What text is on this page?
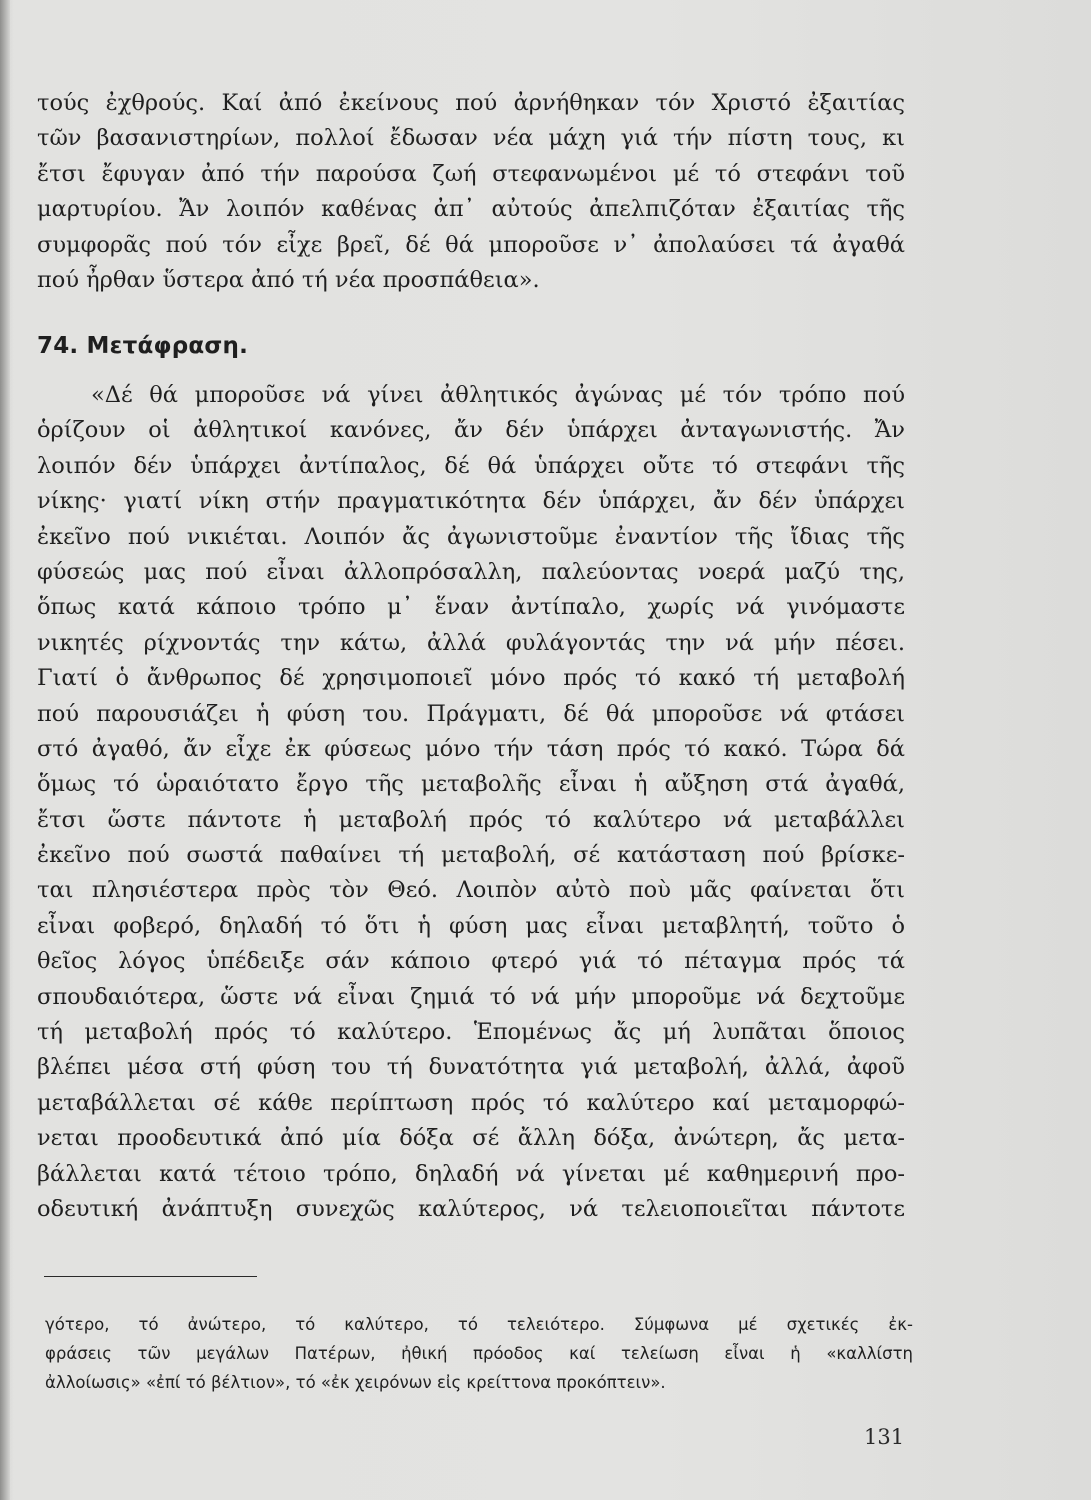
τούς ἐχθρούς. Καί ἀπό ἐκείνους πού ἀρνήθηκαν τόν Χριστό ἐξαιτίας
τῶν βασανιστηρίων, πολλοί ἔδωσαν νέα μάχη γιά τήν πίστη τους, κι
ἔτσι ἔφυγαν ἀπό τήν παρούσα ζωή στεφανωμένοι μέ τό στεφάνι τοῦ
μαρτυρίου. Ἄν λοιπόν καθένας ἀπ᾽ αὐτούς ἀπελπιζόταν ἐξαιτίας τῆς
συμφορᾶς πού τόν εἶχε βρεῖ, δέ θά μποροῦσε ν᾽ ἀπολαύσει τά ἀγαθά
πού ἦρθαν ὕστερα ἀπό τή νέα προσπάθεια».
74. Μετάφραση.
«Δέ θά μποροῦσε νά γίνει ἀθλητικός ἀγώνας μέ τόν τρόπο πού
ὁρίζουν οἱ ἀθλητικοί κανόνες, ἄν δέν ὑπάρχει ἀνταγωνιστής. Ἄν
λοιπόν δέν ὑπάρχει ἀντίπαλος, δέ θά ὑπάρχει οὔτε τό στεφάνι τῆς
νίκης· γιατί νίκη στήν πραγματικότητα δέν ὑπάρχει, ἄν δέν ὑπάρχει
ἐκεῖνο πού νικιέται. Λοιπόν ἄς ἀγωνιστοῦμε ἐναντίον τῆς ἴδιας τῆς
φύσεώς μας πού εἶναι ἀλλοπρόσαλλη, παλεύοντας νοερά μαζύ της,
ὅπως κατά κάποιο τρόπο μ᾽ ἕναν ἀντίπαλο, χωρίς νά γινόμαστε
νικητές ρίχνοντάς την κάτω, ἀλλά φυλάγοντάς την νά μήν πέσει.
Γιατί ὁ ἄνθρωπος δέ χρησιμοποιεῖ μόνο πρός τό κακό τή μεταβολή
πού παρουσιάζει ἡ φύση του. Πράγματι, δέ θά μποροῦσε νά φτάσει
στό ἀγαθό, ἄν εἶχε ἐκ φύσεως μόνο τήν τάση πρός τό κακό. Τώρα δά
ὅμως τό ὡραιότατο ἔργο τῆς μεταβολῆς εἶναι ἡ αὔξηση στά ἀγαθά,
ἔτσι ὥστε πάντοτε ἡ μεταβολή πρός τό καλύτερο νά μεταβάλλει
ἐκεῖνο πού σωστά παθαίνει τή μεταβολή, σέ κατάσταση πού βρίσκε-
ται πλησιέστερα πρὸς τὸν Θεό. Λοιπὸν αὐτὸ ποὺ μᾶς φαίνεται ὅτι
εἶναι φοβερό, δηλαδή τό ὅτι ἡ φύση μας εἶναι μεταβλητή, τοῦτο ὁ
θεῖος λόγος ὑπέδειξε σάν κάποιο φτερό γιά τό πέταγμα πρός τά
σπουδαιότερα, ὥστε νά εἶναι ζημιά τό νά μήν μποροῦμε νά δεχτοῦμε
τή μεταβολή πρός τό καλύτερο. Ἑπομένως ἄς μή λυπᾶται ὅποιος
βλέπει μέσα στή φύση του τή δυνατότητα γιά μεταβολή, ἀλλά, ἀφοῦ
μεταβάλλεται σέ κάθε περίπτωση πρός τό καλύτερο καί μεταμορφώ-
νεται προοδευτικά ἀπό μία δόξα σέ ἄλλη δόξα, ἀνώτερη, ἄς μετα-
βάλλεται κατά τέτοιο τρόπο, δηλαδή νά γίνεται μέ καθημερινή προ-
οδευτική ἀνάπτυξη συνεχῶς καλύτερος, νά τελειοποιεῖται πάντοτε
γότερο, τό ἀνώτερο, τό καλύτερο, τό τελειότερο. Σύμφωνα μέ σχετικές ἐκ-
φράσεις τῶν μεγάλων Πατέρων, ἠθική πρόοδος καί τελείωση εἶναι ἡ «καλλίστη
ἀλλοίωσις» «ἐπί τό βέλτιον», τό «ἐκ χειρόνων εἰς κρείττονα προκόπτειν».
131
